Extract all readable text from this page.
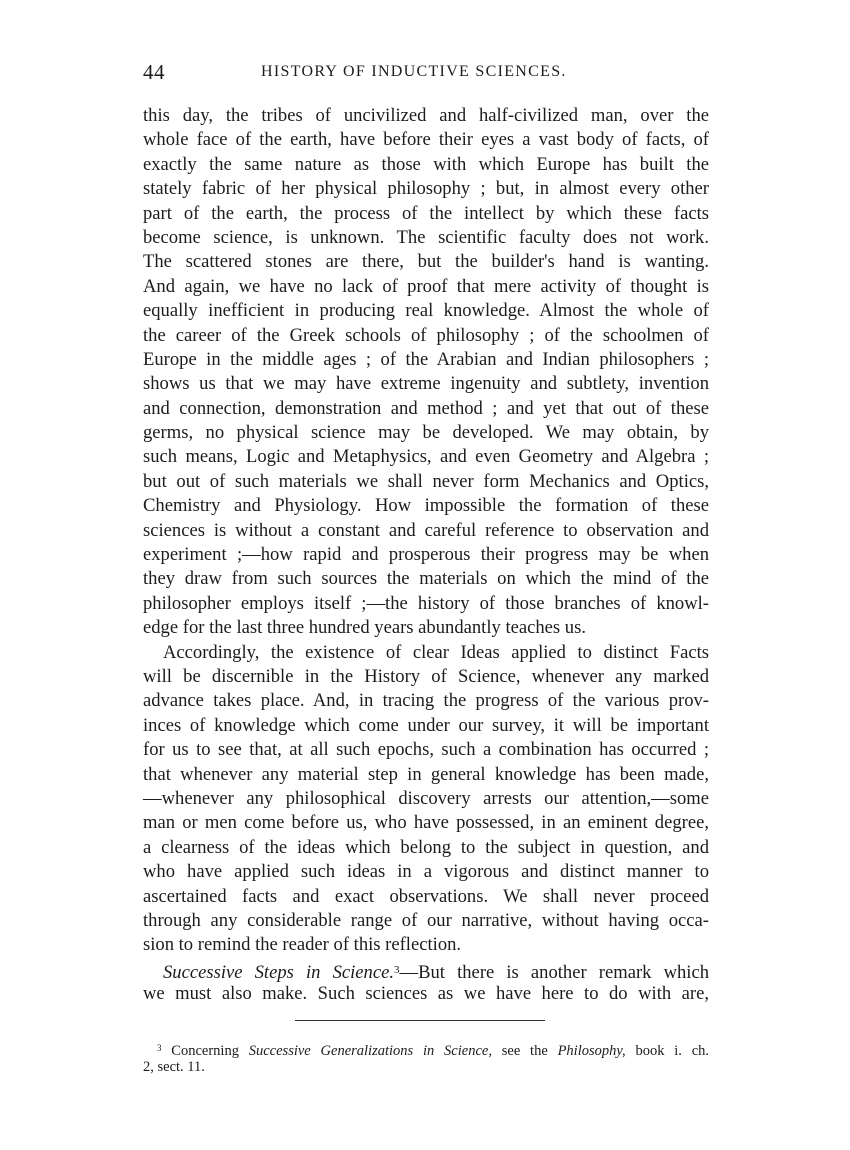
44	HISTORY OF INDUCTIVE SCIENCES.
this day, the tribes of uncivilized and half-civilized man, over the
whole face of the earth, have before their eyes a vast body of facts, of
exactly the same nature as those with which Europe has built the
stately fabric of her physical philosophy ; but, in almost every other
part of the earth, the process of the intellect by which these facts
become science, is unknown. The scientific faculty does not work.
The scattered stones are there, but the builder's hand is wanting.
And again, we have no lack of proof that mere activity of thought is
equally inefficient in producing real knowledge. Almost the whole of
the career of the Greek schools of philosophy ; of the schoolmen of
Europe in the middle ages ; of the Arabian and Indian philosophers ;
shows us that we may have extreme ingenuity and subtlety, invention
and connection, demonstration and method ; and yet that out of these
germs, no physical science may be developed. We may obtain, by
such means, Logic and Metaphysics, and even Geometry and Algebra ;
but out of such materials we shall never form Mechanics and Optics,
Chemistry and Physiology. How impossible the formation of these
sciences is without a constant and careful reference to observation and
experiment ;—how rapid and prosperous their progress may be when
they draw from such sources the materials on which the mind of the
philosopher employs itself ;—the history of those branches of knowl-
edge for the last three hundred years abundantly teaches us.
Accordingly, the existence of clear Ideas applied to distinct Facts
will be discernible in the History of Science, whenever any marked
advance takes place. And, in tracing the progress of the various prov-
inces of knowledge which come under our survey, it will be important
for us to see that, at all such epochs, such a combination has occurred ;
that whenever any material step in general knowledge has been made,
—whenever any philosophical discovery arrests our attention,—some
man or men come before us, who have possessed, in an eminent degree,
a clearness of the ideas which belong to the subject in question, and
who have applied such ideas in a vigorous and distinct manner to
ascertained facts and exact observations. We shall never proceed
through any considerable range of our narrative, without having occa-
sion to remind the reader of this reflection.
Successive Steps in Science.$^3$—But there is another remark which
we must also make. Such sciences as we have here to do with are,
$^3$ Concerning Successive Generalizations in Science, see the Philosophy, book i. ch.
2, sect. 11.
